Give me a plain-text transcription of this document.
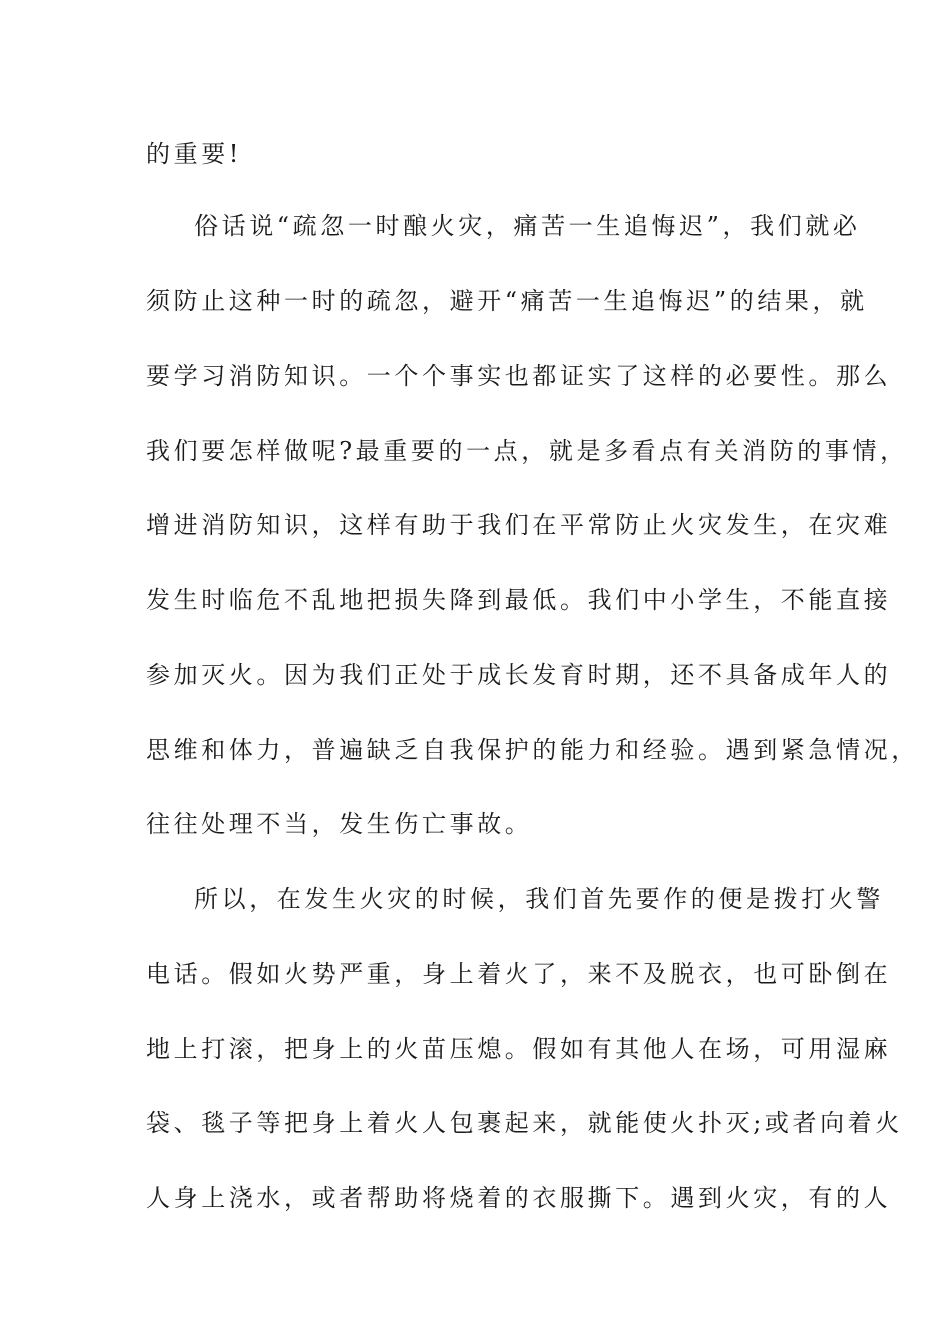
的重要!
俗话说“疏忽一时酿火灾，痛苦一生追悔迟”，我们就必
须防止这种一时的疏忽，避开“痛苦一生追悔迟”的结果，就
要学习消防知识。一个个事实也都证实了这样的必要性。那么
我们要怎样做呢?最重要的一点，就是多看点有关消防的事情，
增进消防知识，这样有助于我们在平常防止火灾发生，在灾难
发生时临危不乱地把损失降到最低。我们中小学生，不能直接
参加灭火。因为我们正处于成长发育时期，还不具备成年人的
思维和体力，普遍缺乏自我保护的能力和经验。遇到紧急情况，
往往处理不当，发生伤亡事故。
所以，在发生火灾的时候，我们首先要作的便是拨打火警
电话。假如火势严重，身上着火了，来不及脱衣，也可卧倒在
地上打滚，把身上的火苗压熄。假如有其他人在场，可用湿麻
袋、毯子等把身上着火人包裹起来，就能使火扑灭;或者向着火
人身上浇水，或者帮助将烧着的衣服撕下。遇到火灾，有的人
